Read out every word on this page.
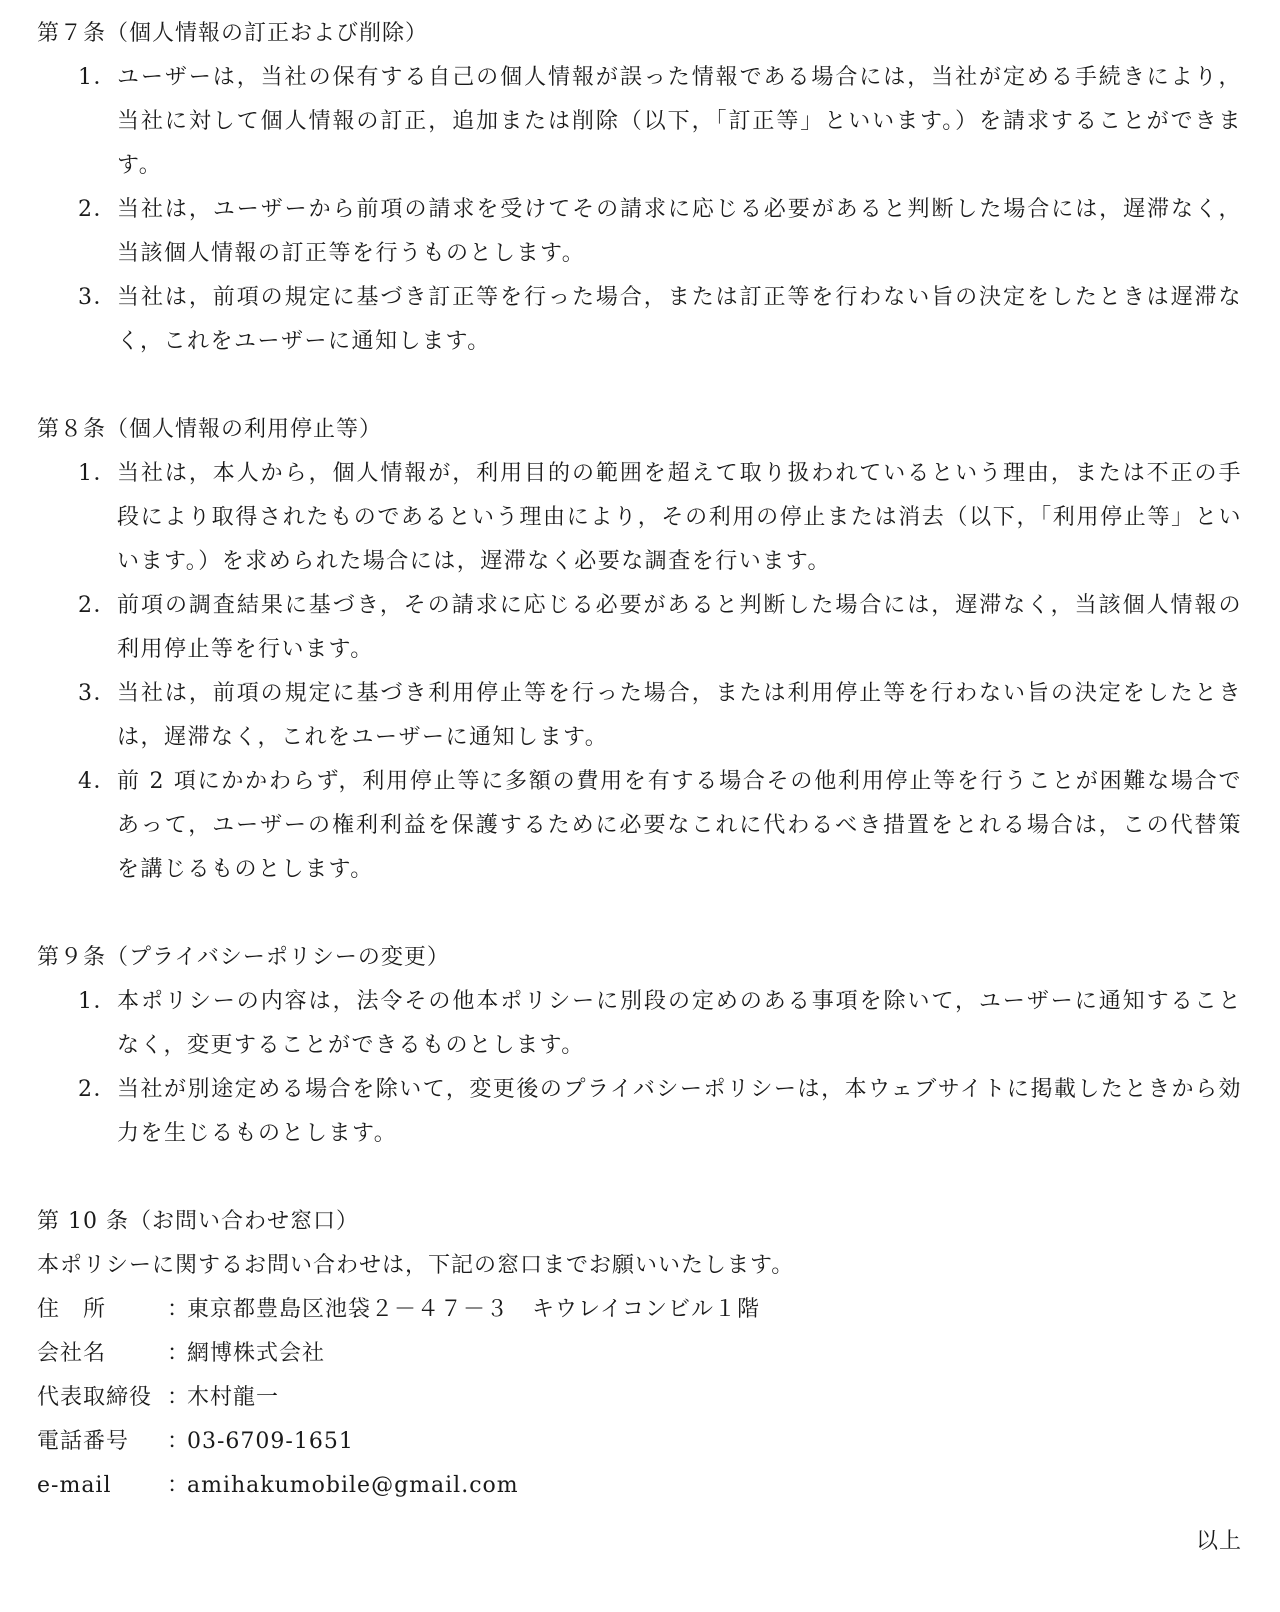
第７条（個人情報の訂正および削除）

1． ユーザーは，当社の保有する自己の個人情報が誤った情報である場合には，当社が定める手続きにより，当社に対して個人情報の訂正，追加または削除（以下，「訂正等」といいます。）を請求することができます。
2． 当社は，ユーザーから前項の請求を受けてその請求に応じる必要があると判断した場合には，遅滞なく，当該個人情報の訂正等を行うものとします。
3． 当社は，前項の規定に基づき訂正等を行った場合，または訂正等を行わない旨の決定をしたときは遅滞なく，これをユーザーに通知します。

第８条（個人情報の利用停止等）

1． 当社は，本人から，個人情報が，利用目的の範囲を超えて取り扱われているという理由，または不正の手段により取得されたものであるという理由により，その利用の停止または消去（以下，「利用停止等」といいます。）を求められた場合には，遅滞なく必要な調査を行います。
2． 前項の調査結果に基づき，その請求に応じる必要があると判断した場合には，遅滞なく，当該個人情報の利用停止等を行います。
3． 当社は，前項の規定に基づき利用停止等を行った場合，または利用停止等を行わない旨の決定をしたときは，遅滞なく，これをユーザーに通知します。
4． 前 2 項にかかわらず，利用停止等に多額の費用を有する場合その他利用停止等を行うことが困難な場合であって，ユーザーの権利利益を保護するために必要なこれに代わるべき措置をとれる場合は，この代替策を講じるものとします。

第９条（プライバシーポリシーの変更）

1． 本ポリシーの内容は，法令その他本ポリシーに別段の定めのある事項を除いて，ユーザーに通知することなく，変更することができるものとします。
2． 当社が別途定める場合を除いて，変更後のプライバシーポリシーは，本ウェブサイトに掲載したときから効力を生じるものとします。

第 10 条（お問い合わせ窓口）

本ポリシーに関するお問い合わせは，下記の窓口までお願いいたします。

住　所	：
東京都豊島区池袋２－４７－３　キウレイコンビル１階
会社名	：
網博株式会社
代表取締役 ：
木村龍一
電話番号	：
03-6709-1651
e-mail	：
amihakumobile@gmail.com
以上
